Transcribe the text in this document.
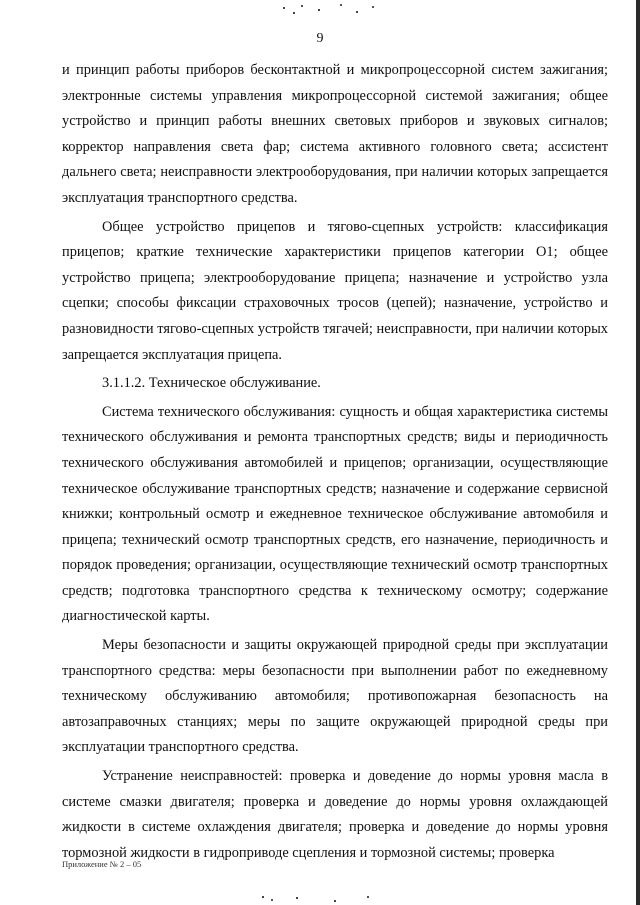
9

и принцип работы приборов бесконтактной и микропроцессорной систем зажигания; электронные системы управления микропроцессорной системой зажигания; общее устройство и принцип работы внешних световых приборов и звуковых сигналов; корректор направления света фар; система активного головного света; ассистент дальнего света; неисправности электрооборудования, при наличии которых запрещается эксплуатация транспортного средства.

Общее устройство прицепов и тягово-сцепных устройств: классификация прицепов; краткие технические характеристики прицепов категории О1; общее устройство прицепа; электрооборудование прицепа; назначение и устройство узла сцепки; способы фиксации страховочных тросов (цепей); назначение, устройство и разновидности тягово-сцепных устройств тягачей; неисправности, при наличии которых запрещается эксплуатация прицепа.

3.1.1.2. Техническое обслуживание.

Система технического обслуживания: сущность и общая характеристика системы технического обслуживания и ремонта транспортных средств; виды и периодичность технического обслуживания автомобилей и прицепов; организации, осуществляющие техническое обслуживание транспортных средств; назначение и содержание сервисной книжки; контрольный осмотр и ежедневное техническое обслуживание автомобиля и прицепа; технический осмотр транспортных средств, его назначение, периодичность и порядок проведения; организации, осуществляющие технический осмотр транспортных средств; подготовка транспортного средства к техническому осмотру; содержание диагностической карты.

Меры безопасности и защиты окружающей природной среды при эксплуатации транспортного средства: меры безопасности при выполнении работ по ежедневному техническому обслуживанию автомобиля; противопожарная безопасность на автозаправочных станциях; меры по защите окружающей природной среды при эксплуатации транспортного средства.

Устранение неисправностей: проверка и доведение до нормы уровня масла в системе смазки двигателя; проверка и доведение до нормы уровня охлаждающей жидкости в системе охлаждения двигателя; проверка и доведение до нормы уровня тормозной жидкости в гидроприводе сцепления и тормозной системы; проверка

Приложение № 2 – 05
